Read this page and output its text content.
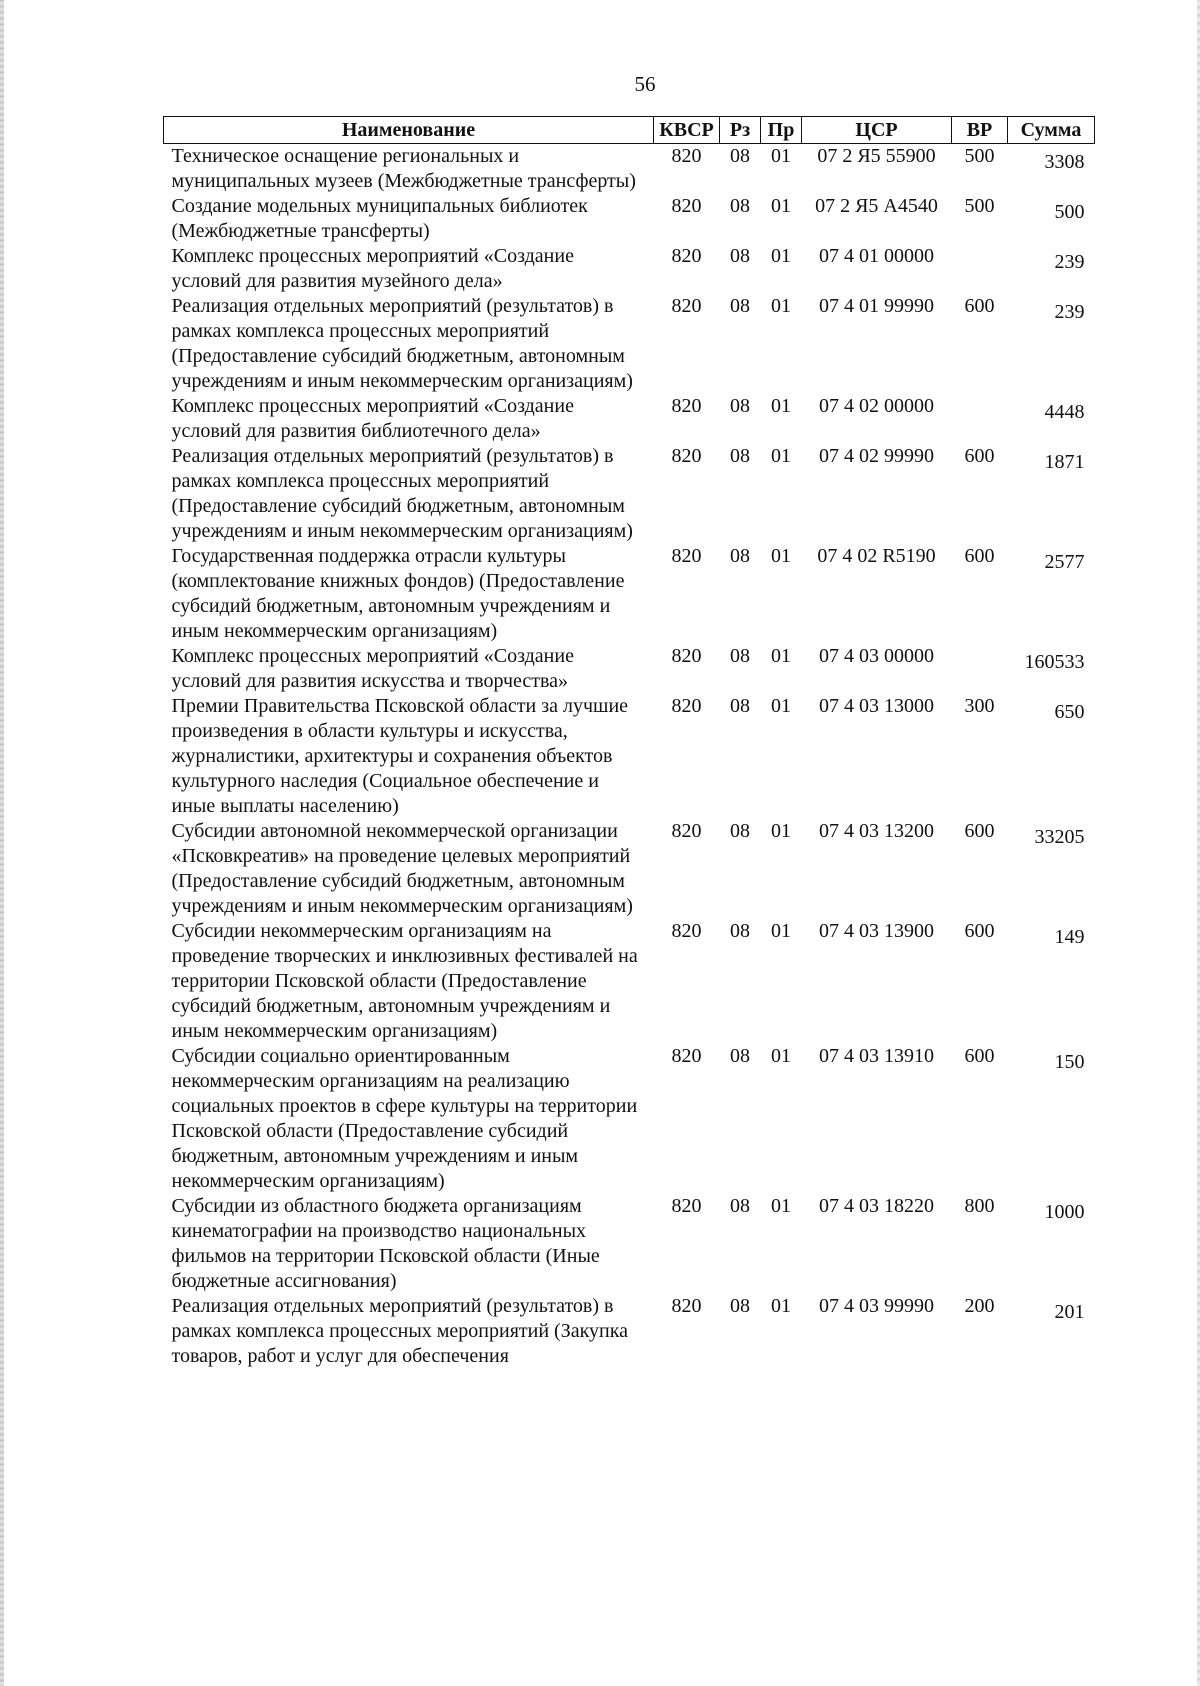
56
Наименование	КВСР	Рз	Пр	ЦСР	ВР	Сумма
Техническое оснащение региональных и муниципальных музеев (Межбюджетные трансферты)	820	08	01	07 2 Я5 55900	500	3308
Создание модельных муниципальных библиотек (Межбюджетные трансферты)	820	08	01	07 2 Я5 А4540	500	500
Комплекс процессных мероприятий «Создание условий для развития музейного дела»	820	08	01	07 4 01 00000		239
Реализация отдельных мероприятий (результатов) в рамках комплекса процессных мероприятий (Предоставление субсидий бюджетным, автономным учреждениям и иным некоммерческим организациям)	820	08	01	07 4 01 99990	600	239
Комплекс процессных мероприятий «Создание условий для развития библиотечного дела»	820	08	01	07 4 02 00000		4448
Реализация отдельных мероприятий (результатов) в рамках комплекса процессных мероприятий (Предоставление субсидий бюджетным, автономным учреждениям и иным некоммерческим организациям)	820	08	01	07 4 02 99990	600	1871
Государственная поддержка отрасли культуры (комплектование книжных фондов) (Предоставление субсидий бюджетным, автономным учреждениям и иным некоммерческим организациям)	820	08	01	07 4 02 R5190	600	2577
Комплекс процессных мероприятий «Создание условий для развития искусства и творчества»	820	08	01	07 4 03 00000		160533
Премии Правительства Псковской области за лучшие произведения в области культуры и искусства, журналистики, архитектуры и сохранения объектов культурного наследия (Социальное обеспечение и иные выплаты населению)	820	08	01	07 4 03 13000	300	650
Субсидии автономной некоммерческой организации «Псковкреатив» на проведение целевых мероприятий (Предоставление субсидий бюджетным, автономным учреждениям и иным некоммерческим организациям)	820	08	01	07 4 03 13200	600	33205
Субсидии некоммерческим организациям на проведение творческих и инклюзивных фестивалей на территории Псковской области (Предоставление субсидий бюджетным, автономным учреждениям и иным некоммерческим организациям)	820	08	01	07 4 03 13900	600	149
Субсидии социально ориентированным некоммерческим организациям на реализацию социальных проектов в сфере культуры на территории Псковской области (Предоставление субсидий бюджетным, автономным учреждениям и иным некоммерческим организациям)	820	08	01	07 4 03 13910	600	150
Субсидии из областного бюджета организациям кинематографии на производство национальных фильмов на территории Псковской области (Иные бюджетные ассигнования)	820	08	01	07 4 03 18220	800	1000
Реализация отдельных мероприятий (результатов) в рамках комплекса процессных мероприятий (Закупка товаров, работ и услуг для обеспечения	820	08	01	07 4 03 99990	200	201
